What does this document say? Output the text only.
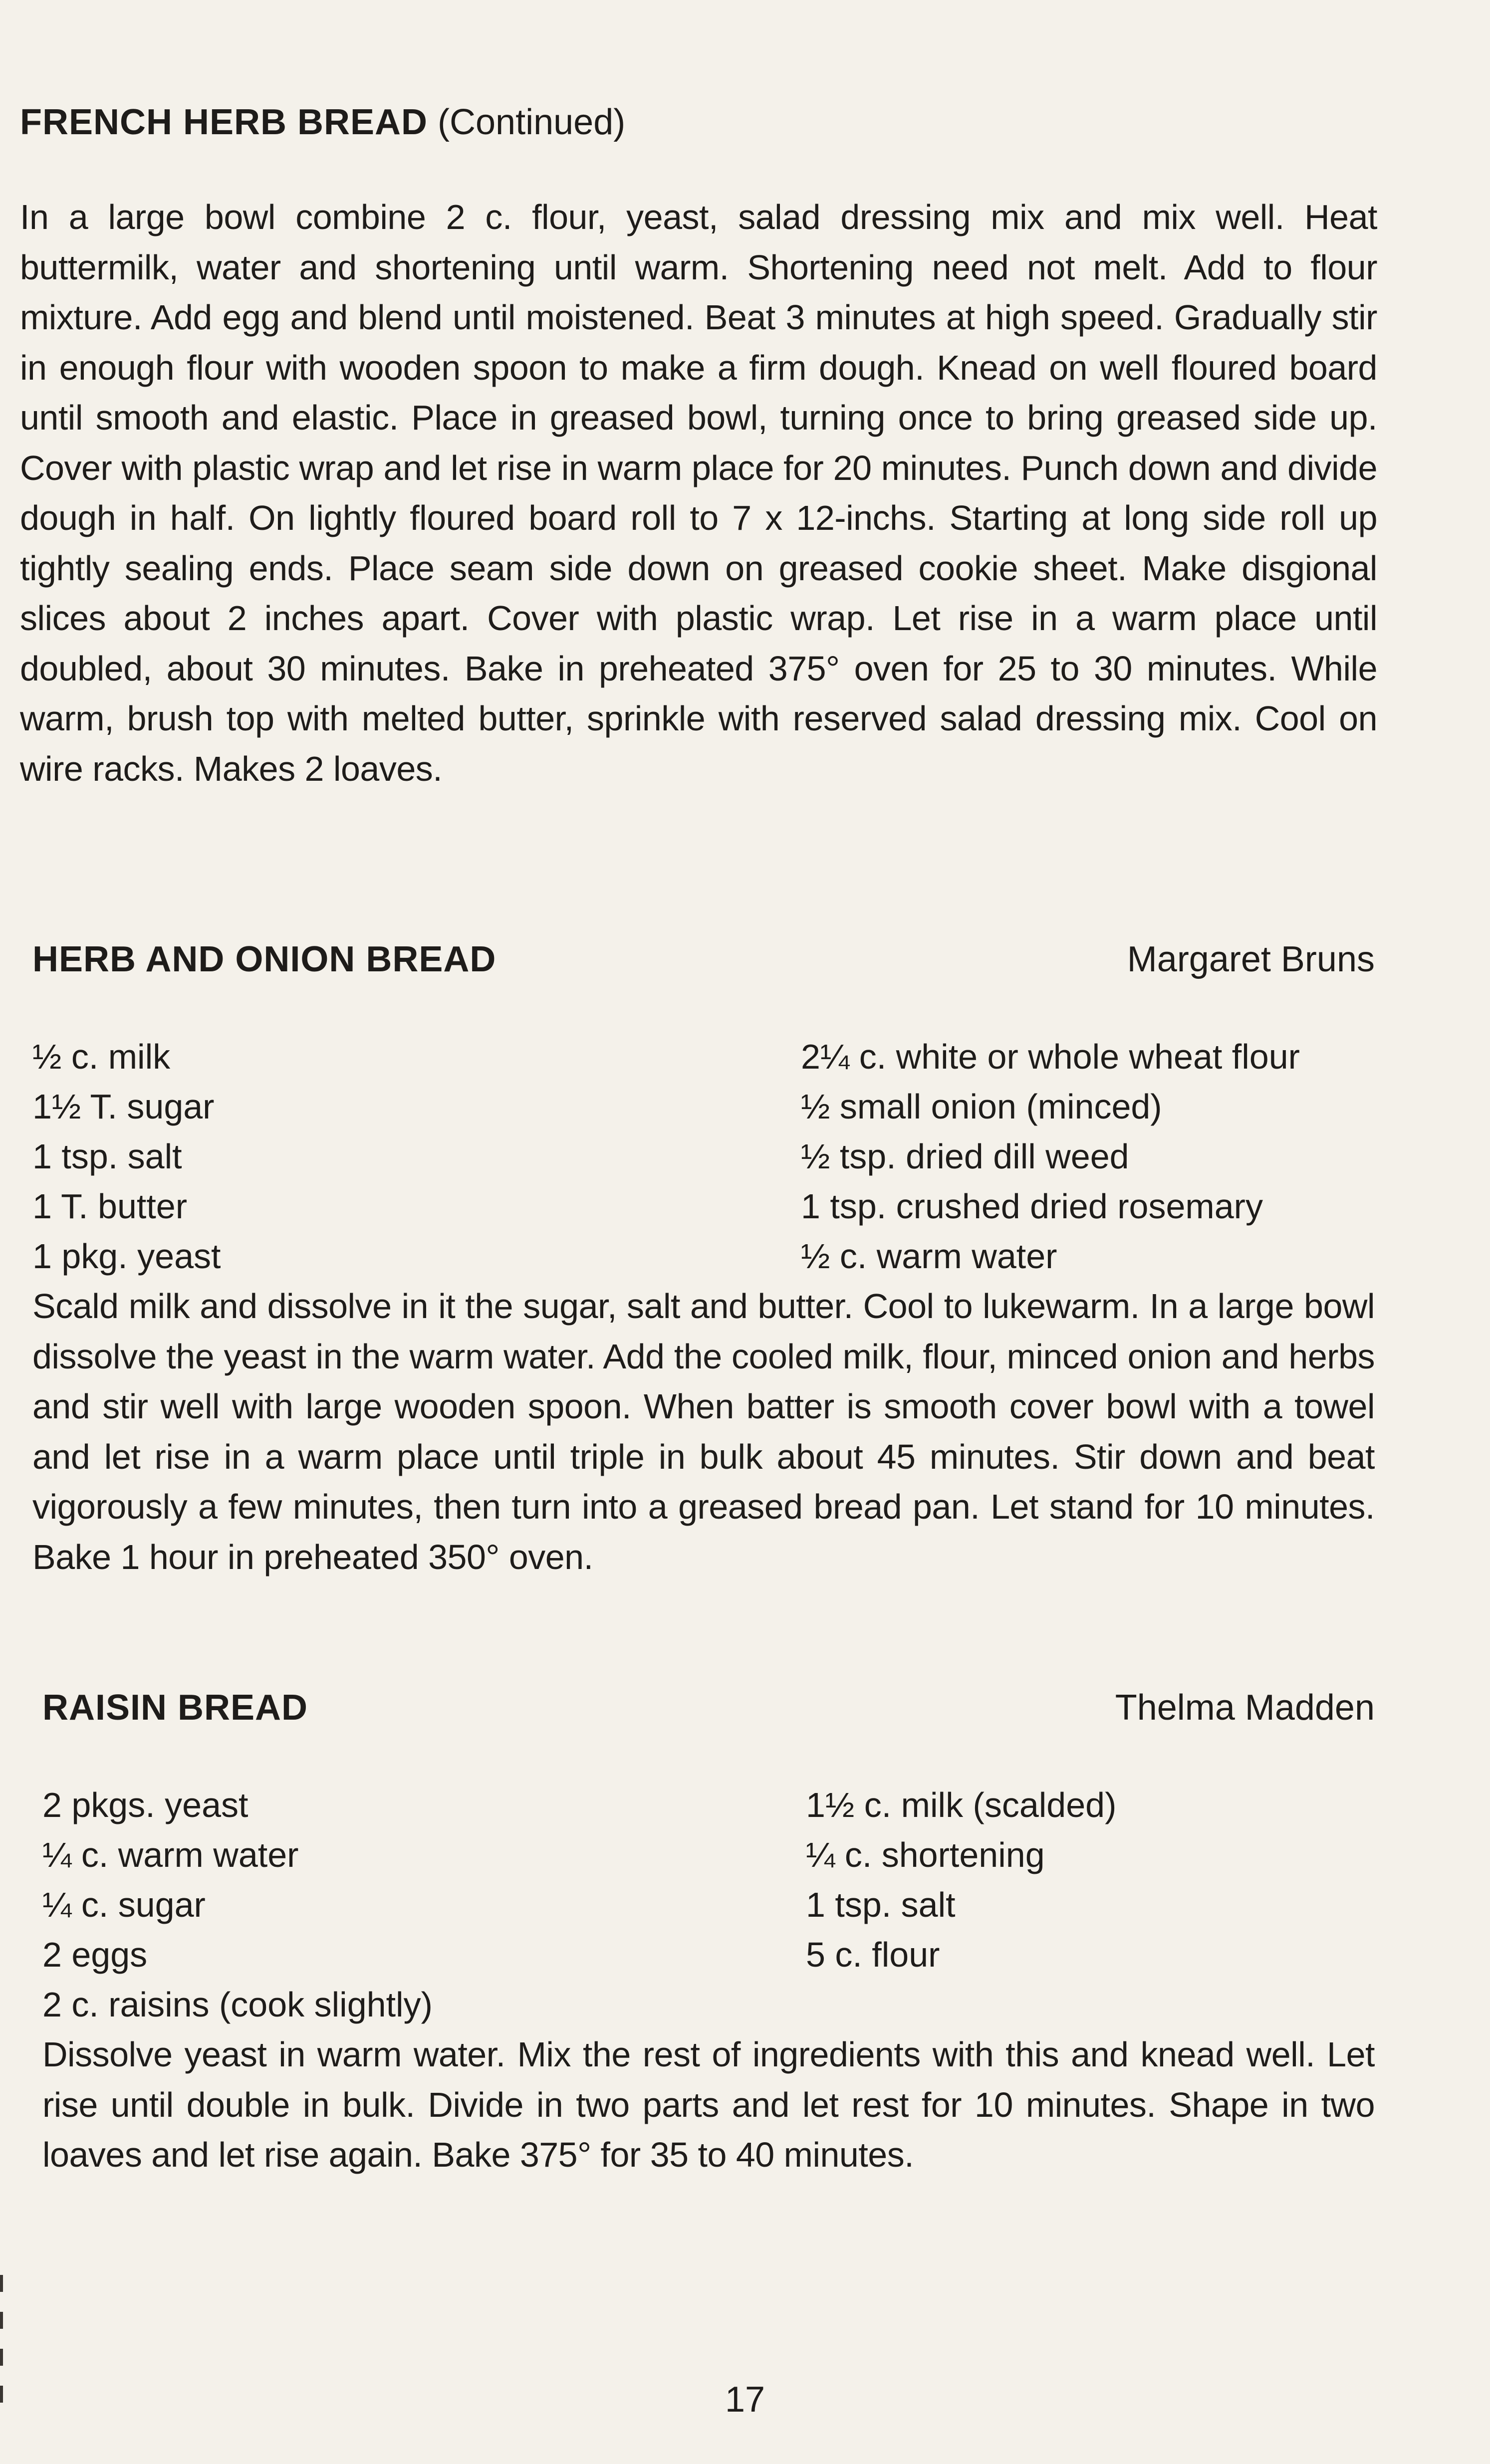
FRENCH HERB BREAD (Continued)

In a large bowl combine 2 c. flour, yeast, salad dressing mix and mix well. Heat buttermilk, water and shortening until warm. Shortening need not melt. Add to flour mixture. Add egg and blend until moistened. Beat 3 minutes at high speed. Gradually stir in enough flour with wooden spoon to make a firm dough. Knead on well floured board until smooth and elastic. Place in greased bowl, turning once to bring greased side up. Cover with plastic wrap and let rise in warm place for 20 minutes. Punch down and divide dough in half. On lightly floured board roll to 7 x 12-inchs. Starting at long side roll up tightly sealing ends. Place seam side down on greased cookie sheet. Make disgional slices about 2 inches apart. Cover with plastic wrap. Let rise in a warm place until doubled, about 30 minutes. Bake in preheated 375° oven for 25 to 30 minutes. While warm, brush top with melted butter, sprinkle with reserved salad dressing mix. Cool on wire racks. Makes 2 loaves.

HERB AND ONION BREAD	Margaret Bruns
½ c. milk
1½ T. sugar
1 tsp. salt
1 T. butter
1 pkg. yeast
2¼ c. white or whole wheat flour
½ small onion (minced)
½ tsp. dried dill weed
1 tsp. crushed dried rosemary
½ c. warm water

Scald milk and dissolve in it the sugar, salt and butter. Cool to lukewarm. In a large bowl dissolve the yeast in the warm water. Add the cooled milk, flour, minced onion and herbs and stir well with large wooden spoon. When batter is smooth cover bowl with a towel and let rise in a warm place until triple in bulk about 45 minutes. Stir down and beat vigorously a few minutes, then turn into a greased bread pan. Let stand for 10 minutes. Bake 1 hour in preheated 350° oven.

RAISIN BREAD	Thelma Madden
2 pkgs. yeast
¼ c. warm water
¼ c. sugar
2 eggs
2 c. raisins (cook slightly)
1½ c. milk (scalded)
¼ c. shortening
1 tsp. salt
5 c. flour

Dissolve yeast in warm water. Mix the rest of ingredients with this and knead well. Let rise until double in bulk. Divide in two parts and let rest for 10 minutes. Shape in two loaves and let rise again. Bake 375° for 35 to 40 minutes.

17
